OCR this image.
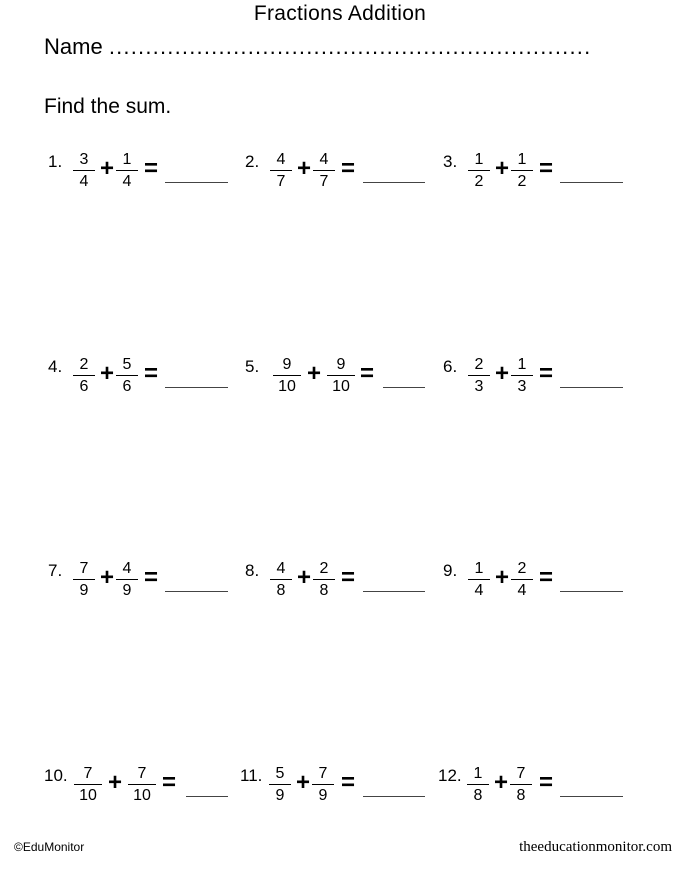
Fractions Addition
Name ..................................................................
Find the sum.
1. $\frac{3}{4} + \frac{1}{4}$ =	2. $\frac{4}{7} + \frac{4}{7}$ =	3. $\frac{1}{2} + \frac{1}{2}$ =
4. $\frac{2}{6} + \frac{5}{6}$ =	5. $\frac{9}{10} + \frac{9}{10}$ =	6. $\frac{2}{3} + \frac{1}{3}$ =
7. $\frac{7}{9} + \frac{4}{9}$ =	8. $\frac{4}{8} + \frac{2}{8}$ =	9. $\frac{1}{4} + \frac{2}{4}$ =
10. $\frac{7}{10} + \frac{7}{10}$ =	11. $\frac{5}{9} + \frac{7}{9}$ =	12. $\frac{1}{8} + \frac{7}{8}$ =
©EduMonitor	theeducationmonitor.com
